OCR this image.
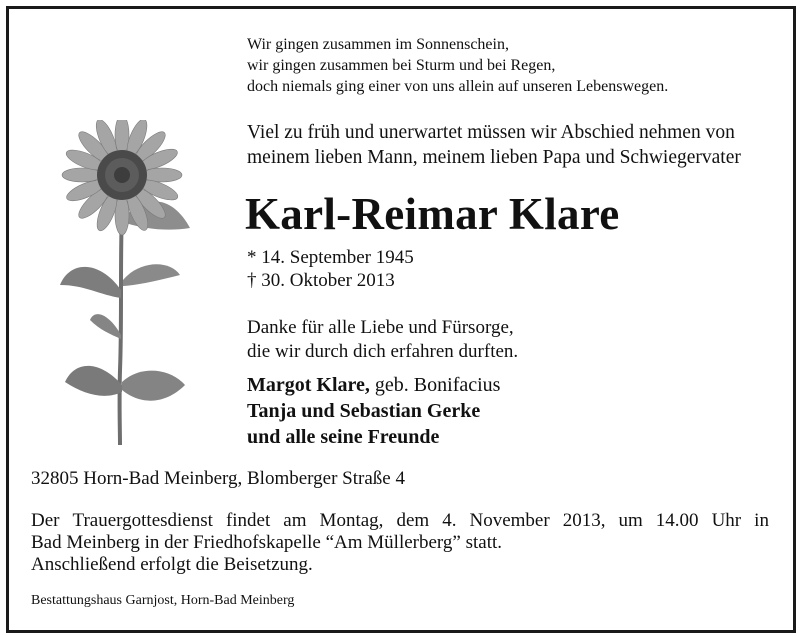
Wir gingen zusammen im Sonnenschein,
wir gingen zusammen bei Sturm und bei Regen,
doch niemals ging einer von uns allein auf unseren Lebenswegen.
Viel zu früh und unerwartet müssen wir Abschied nehmen von
meinem lieben Mann, meinem lieben Papa und Schwiegervater
Karl-Reimar Klare
* 14. September 1945
† 30. Oktober 2013
Danke für alle Liebe und Fürsorge,
die wir durch dich erfahren durften.
Margot Klare, geb. Bonifacius
Tanja und Sebastian Gerke
und alle seine Freunde
32805 Horn-Bad Meinberg, Blomberger Straße 4
Der Trauergottesdienst findet am Montag, dem 4. November 2013, um 14.00 Uhr in
Bad Meinberg in der Friedhofskapelle “Am Müllerberg” statt.
Anschließend erfolgt die Beisetzung.
Bestattungshaus Garnjost, Horn-Bad Meinberg
